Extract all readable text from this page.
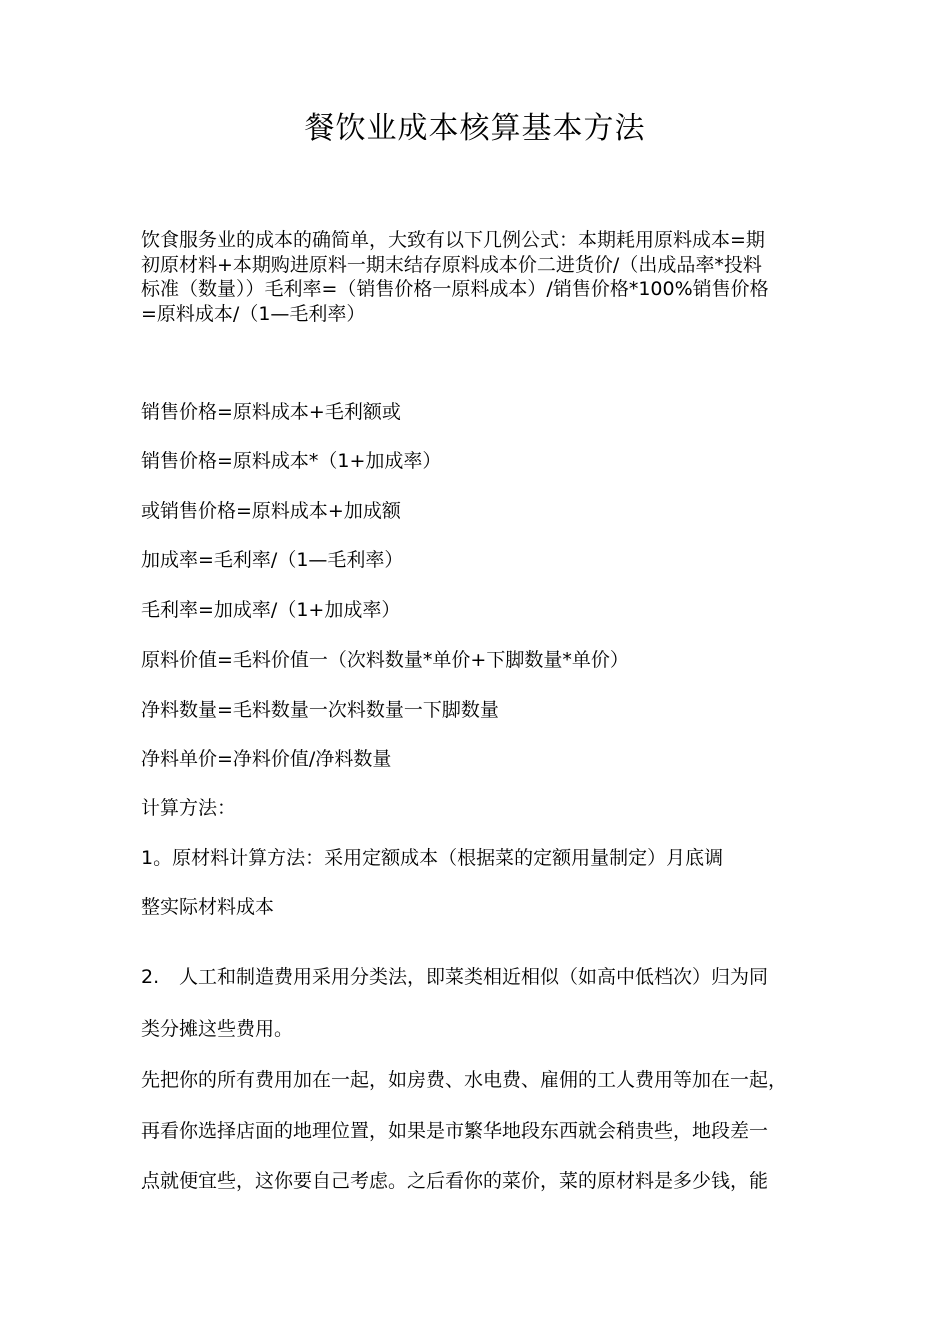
餐饮业成本核算基本方法

饮食服务业的成本的确简单，大致有以下几例公式：本期耗用原料成本=期
初原材料+本期购进原料一期末结存原料成本价二进货价/（出成品率*投料
标准（数量））毛利率=（销售价格一原料成本）/销售价格*100%销售价格
=原料成本/（1—毛利率）

销售价格=原料成本+毛利额或

销售价格=原料成本*（1+加成率）

或销售价格=原料成本+加成额

加成率=毛利率/（1—毛利率）

毛利率=加成率/（1+加成率）

原料价值=毛料价值一（次料数量*单价+下脚数量*单价）

净料数量=毛料数量一次料数量一下脚数量

净料单价=净料价值/净料数量

计算方法：

1。原材料计算方法：采用定额成本（根据菜的定额用量制定）月底调

整实际材料成本

2. 人工和制造费用采用分类法，即菜类相近相似（如高中低档次）归为同

类分摊这些费用。

先把你的所有费用加在一起，如房费、水电费、雇佣的工人费用等加在一起，

再看你选择店面的地理位置，如果是市繁华地段东西就会稍贵些，地段差一

点就便宜些，这你要自己考虑。之后看你的菜价，菜的原材料是多少钱，能
